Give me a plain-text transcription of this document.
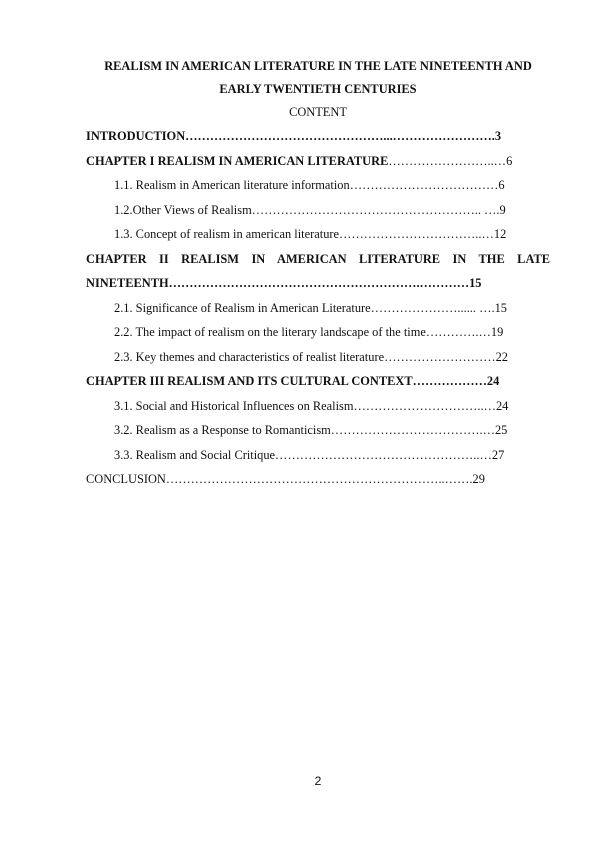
REALISM IN AMERICAN LITERATURE IN THE LATE NINETEENTH AND EARLY TWENTIETH CENTURIES
CONTENT

INTRODUCTION…………………………………………...…………………….3

CHAPTER I REALISM IN AMERICAN LITERATURE……………………..…6

1.1. Realism in American literature information………………………………6

1.2.Other Views of Realism……………………………………………….. ….9

1.3. Concept of realism in american literature……………………………..…12

CHAPTER II REALISM IN AMERICAN LITERATURE IN THE LATE NINETEENTH…………………………………………………….…………15

2.1. Significance of Realism in American Literature…………………...... ….15

2.2. The impact of realism on the literary landscape of the time………….…19

2.3. Key themes and characteristics of realist literature………………………22

CHAPTER III REALISM AND ITS CULTURAL CONTEXT………………24

3.1. Social and Historical Influences on Realism…………………………..…24

3.2. Realism as a Response to Romanticism……………………………….…25

3.3. Realism and Social Critique…………………………………………..…27

CONCLUSION…………………………………………………………..…….29

2
